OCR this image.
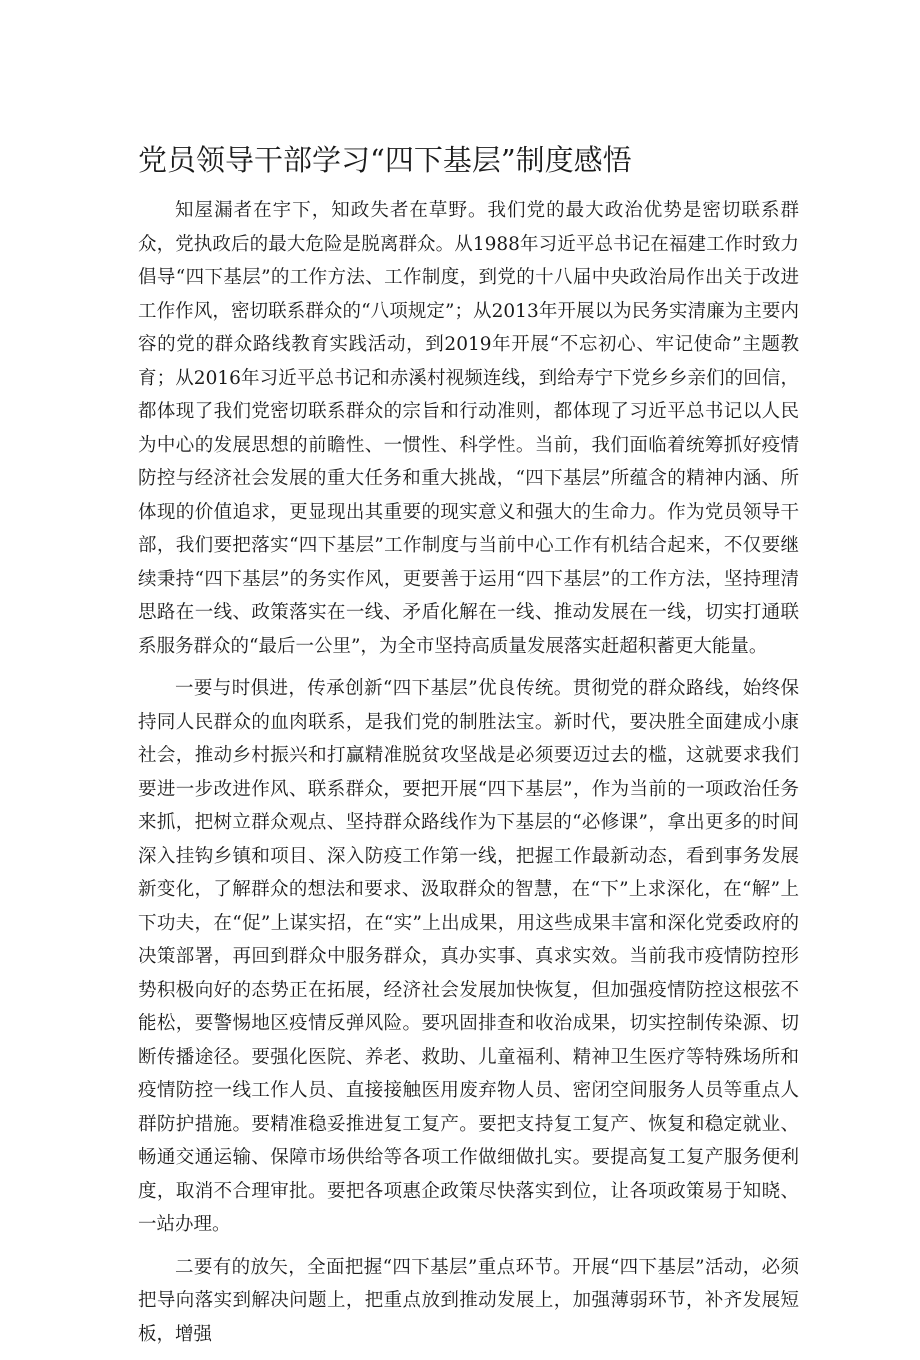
党员领导干部学习“四下基层”制度感悟

知屋漏者在宇下，知政失者在草野。我们党的最大政治优势是密切联系群众，党执政后的最大危险是脱离群众。从1988年习近平总书记在福建工作时致力倡导“四下基层”的工作方法、工作制度，到党的十八届中央政治局作出关于改进工作作风，密切联系群众的“八项规定”；从2013年开展以为民务实清廉为主要内容的党的群众路线教育实践活动，到2019年开展“不忘初心、牢记使命”主题教育；从2016年习近平总书记和赤溪村视频连线，到给寿宁下党乡乡亲们的回信，都体现了我们党密切联系群众的宗旨和行动准则，都体现了习近平总书记以人民为中心的发展思想的前瞻性、一惯性、科学性。当前，我们面临着统筹抓好疫情防控与经济社会发展的重大任务和重大挑战，“四下基层”所蕴含的精神内涵、所体现的价值追求，更显现出其重要的现实意义和强大的生命力。作为党员领导干部，我们要把落实“四下基层”工作制度与当前中心工作有机结合起来，不仅要继续秉持“四下基层”的务实作风，更要善于运用“四下基层”的工作方法，坚持理清思路在一线、政策落实在一线、矛盾化解在一线、推动发展在一线，切实打通联系服务群众的“最后一公里”，为全市坚持高质量发展落实赶超积蓄更大能量。

一要与时俱进，传承创新“四下基层”优良传统。贯彻党的群众路线，始终保持同人民群众的血肉联系，是我们党的制胜法宝。新时代，要决胜全面建成小康社会，推动乡村振兴和打赢精准脱贫攻坚战是必须要迈过去的槛，这就要求我们要进一步改进作风、联系群众，要把开展“四下基层”，作为当前的一项政治任务来抓，把树立群众观点、坚持群众路线作为下基层的“必修课”，拿出更多的时间深入挂钩乡镇和项目、深入防疫工作第一线，把握工作最新动态，看到事务发展新变化，了解群众的想法和要求、汲取群众的智慧，在“下”上求深化，在“解”上下功夫，在“促”上谋实招，在“实”上出成果，用这些成果丰富和深化党委政府的决策部署，再回到群众中服务群众，真办实事、真求实效。当前我市疫情防控形势积极向好的态势正在拓展，经济社会发展加快恢复，但加强疫情防控这根弦不能松，要警惕地区疫情反弹风险。要巩固排查和收治成果，切实控制传染源、切断传播途径。要强化医院、养老、救助、儿童福利、精神卫生医疗等特殊场所和疫情防控一线工作人员、直接接触医用废弃物人员、密闭空间服务人员等重点人群防护措施。要精准稳妥推进复工复产。要把支持复工复产、恢复和稳定就业、畅通交通运输、保障市场供给等各项工作做细做扎实。要提高复工复产服务便利度，取消不合理审批。要把各项惠企政策尽快落实到位，让各项政策易于知晓、一站办理。

二要有的放矢，全面把握“四下基层”重点环节。开展“四下基层”活动，必须把导向落实到解决问题上，把重点放到推动发展上，加强薄弱环节，补齐发展短板，增强
